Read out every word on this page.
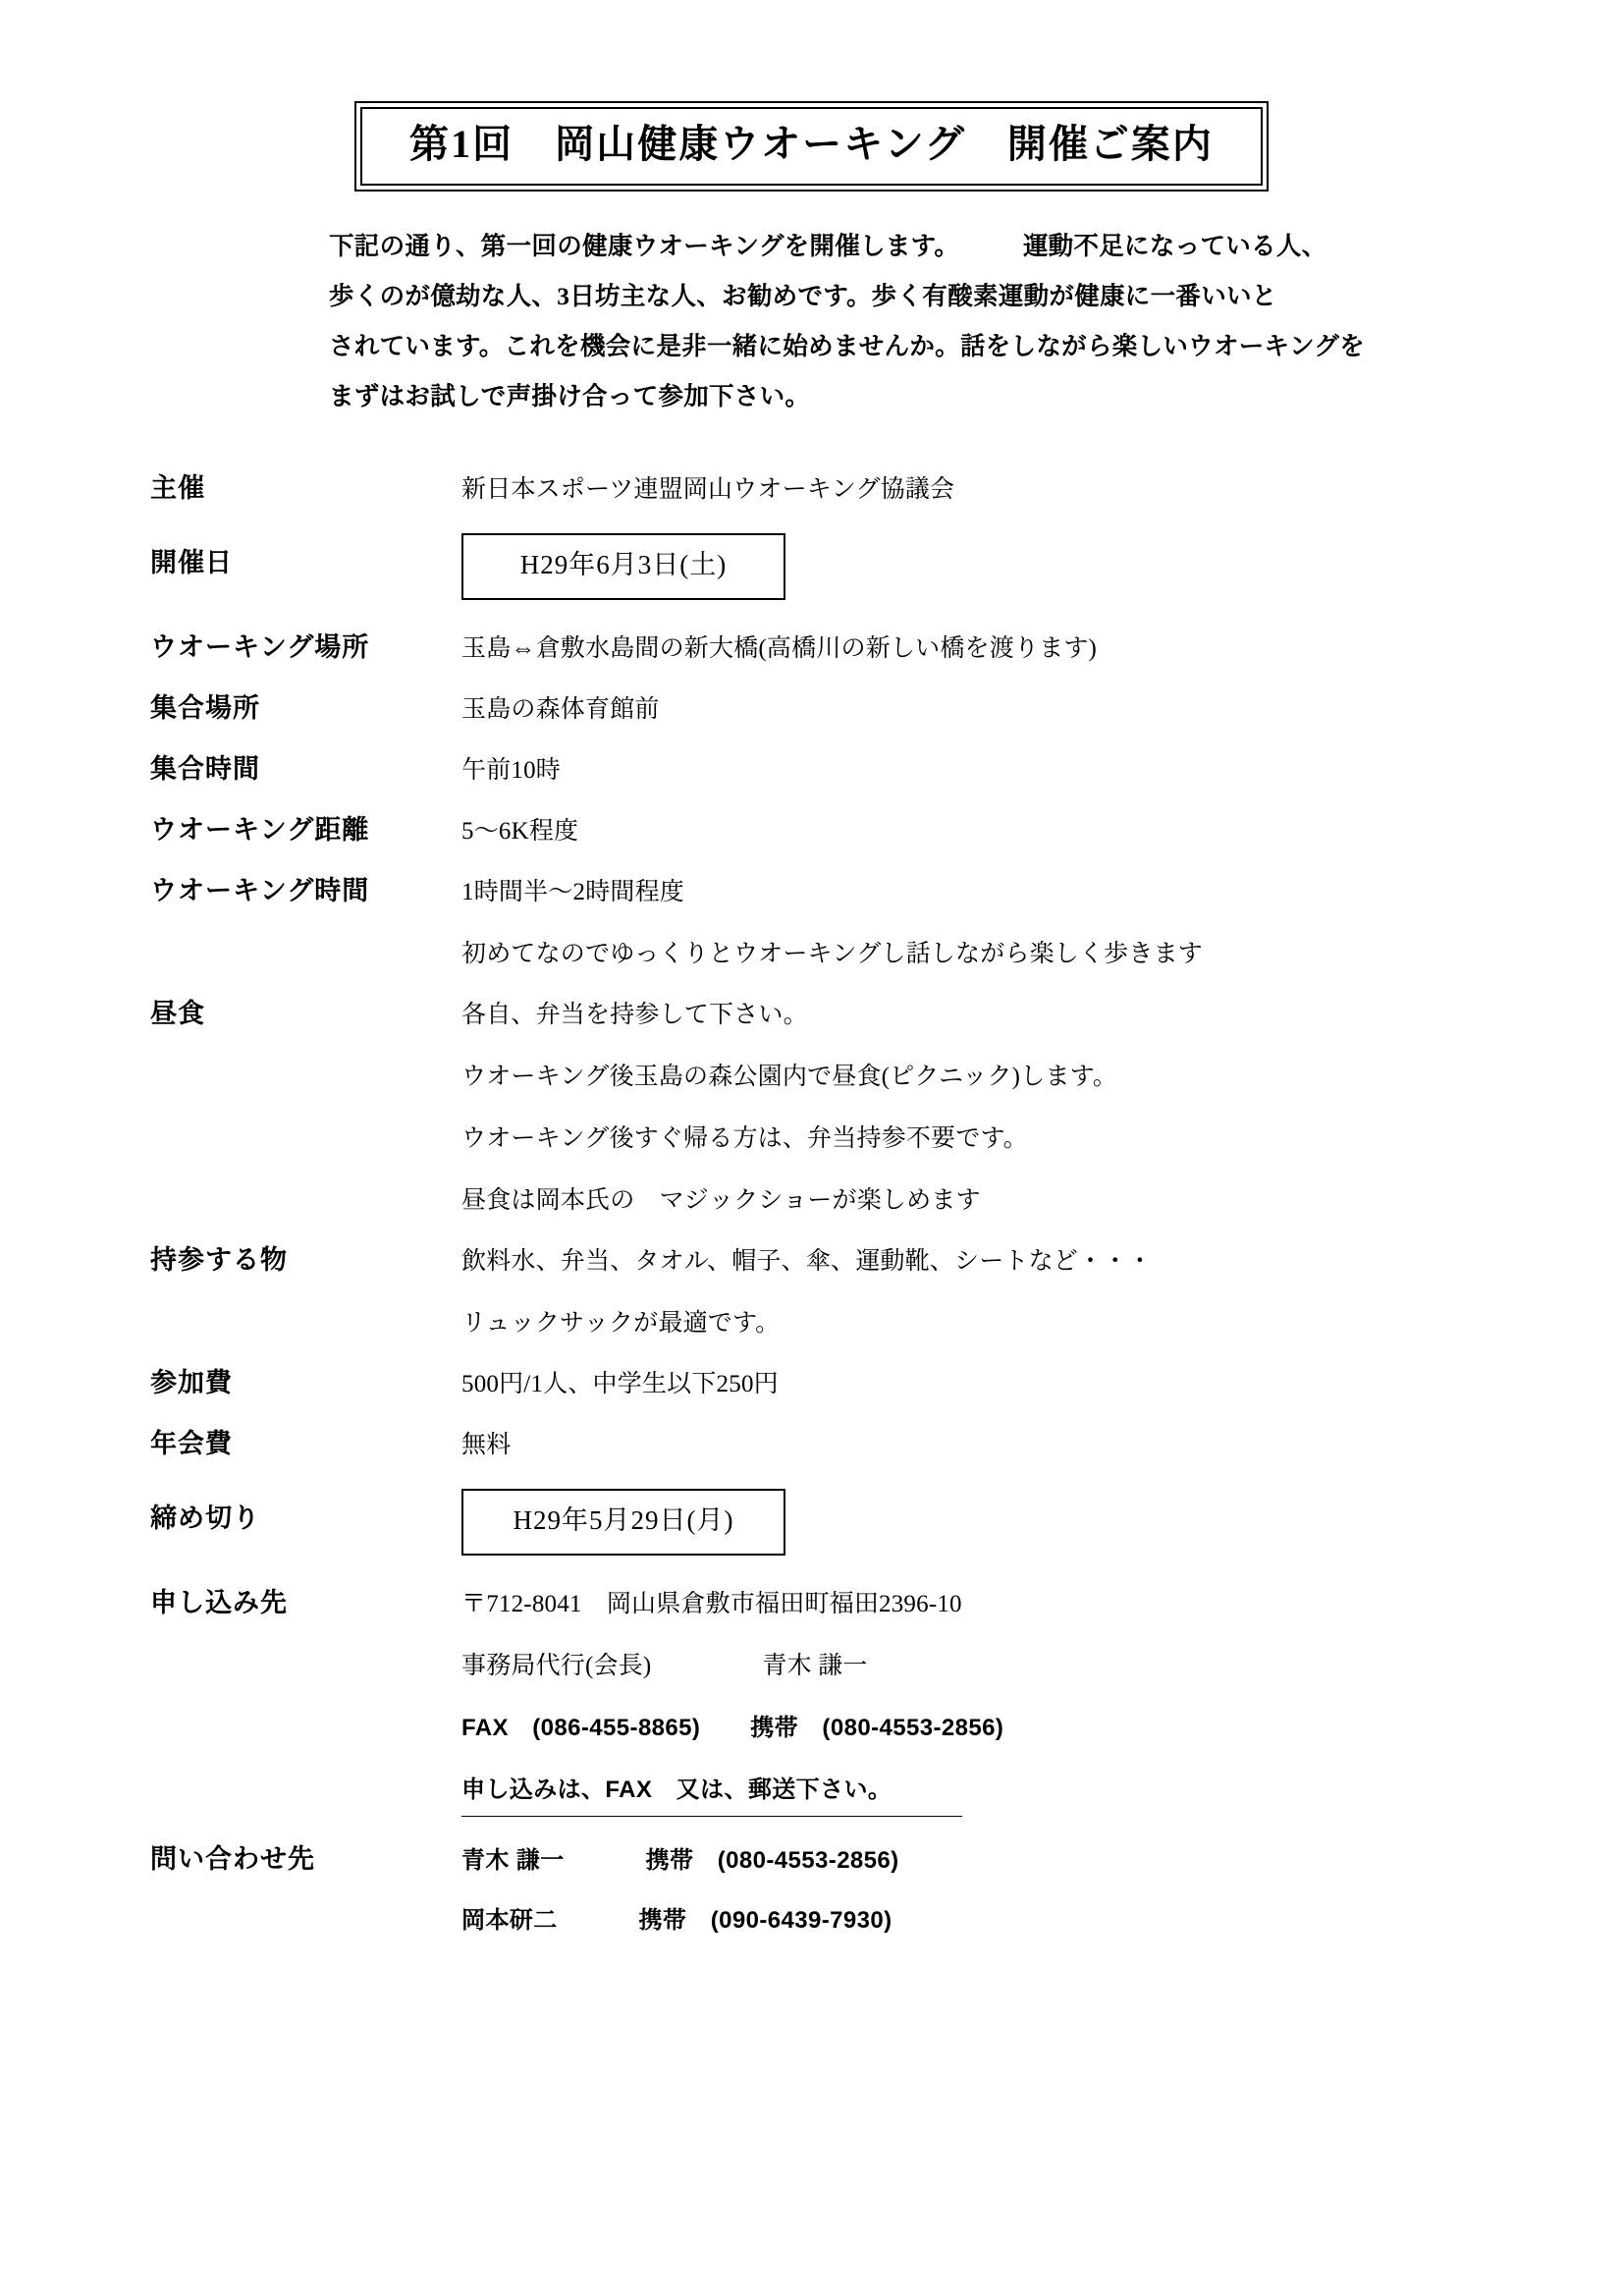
第1回　岡山健康ウオーキング　開催ご案内
下記の通り、第一回の健康ウオーキングを開催します。　　　運動不足になっている人、
歩くのが億劫な人、3日坊主な人、お勧めです。歩く有酸素運動が健康に一番いいと
されています。これを機会に是非一緒に始めませんか。話をしながら楽しいウオーキングを
まずはお試しで声掛け合って参加下さい。
主催	新日本スポーツ連盟岡山ウオーキング協議会
開催日	H29年6月3日(土)
ウオーキング場所	玉島⇔倉敷水島間の新大橋(高橋川の新しい橋を渡ります)
集合場所	玉島の森体育館前
集合時間	午前10時
ウオーキング距離	5〜6K程度
ウオーキング時間	1時間半〜2時間程度
初めてなのでゆっくりとウオーキングし話しながら楽しく歩きます
昼食	各自、弁当を持参して下さい。
ウオーキング後玉島の森公園内で昼食(ピクニック)します。
ウオーキング後すぐ帰る方は、弁当持参不要です。
昼食は岡本氏の　マジックショーが楽しめます
持参する物	飲料水、弁当、タオル、帽子、傘、運動靴、シートなど・・・
リュックサックが最適です。
参加費	500円/1人、中学生以下250円
年会費	無料
締め切り	H29年5月29日(月)
申し込み先	〒712-8041　岡山県倉敷市福田町福田2396-10
事務局代行(会長)	青木 謙一
FAX　(086-455-8865) 携帯　(080-4553-2856)
申し込みは、FAX　又は、郵送下さい。
問い合わせ先	青木 謙一	携帯　(080-4553-2856)
岡本研二	携帯　(090-6439-7930)
